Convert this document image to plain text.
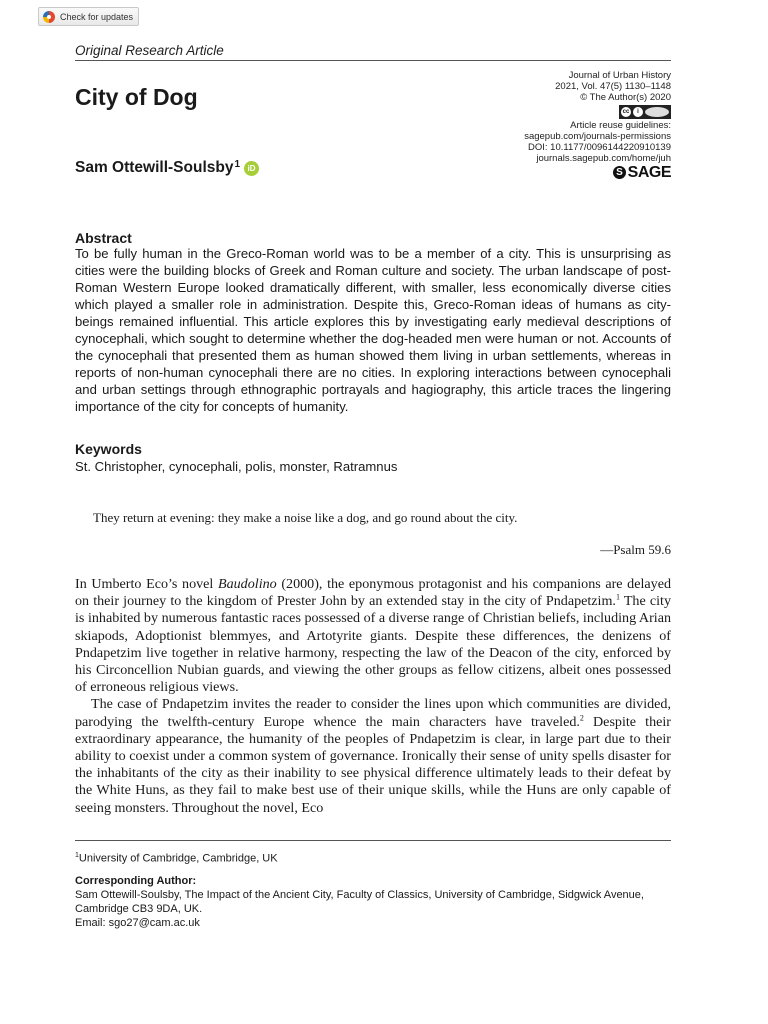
Check for updates
Original Research Article
City of Dog
Sam Ottewill-Soulsby$^1$ iD
Journal of Urban History
2021, Vol. 47(5) 1130–1148
© The Author(s) 2020
cc	i
Article reuse guidelines:
sagepub.com/journals-permissions
DOI: 10.1177/0096144220910139
journals.sagepub.com/home/juh
S SAGE
Abstract
To be fully human in the Greco-Roman world was to be a member of a city. This is unsurprising as cities were the building blocks of Greek and Roman culture and society. The urban landscape of post-Roman Western Europe looked dramatically different, with smaller, less economically diverse cities which played a smaller role in administration. Despite this, Greco-Roman ideas of humans as city-beings remained influential. This article explores this by investigating early medieval descriptions of cynocephali, which sought to determine whether the dog-headed men were human or not. Accounts of the cynocephali that presented them as human showed them living in urban settlements, whereas in reports of non-human cynocephali there are no cities. In exploring interactions between cynocephali and urban settings through ethnographic portrayals and hagiography, this article traces the lingering importance of the city for concepts of humanity.
Keywords
St. Christopher, cynocephali, polis, monster, Ratramnus
They return at evening: they make a noise like a dog, and go round about the city.
—Psalm 59.6

In Umberto Eco’s novel Baudolino (2000), the eponymous protagonist and his companions are delayed on their journey to the kingdom of Prester John by an extended stay in the city of Pndapetzim.$^1$ The city is inhabited by numerous fantastic races possessed of a diverse range of Christian beliefs, including Arian skiapods, Adoptionist blemmyes, and Artotyrite giants. Despite these differences, the denizens of Pndapetzim live together in relative harmony, respecting the law of the Deacon of the city, enforced by his Circoncellion Nubian guards, and viewing the other groups as fellow citizens, albeit ones possessed of erroneous religious views.

The case of Pndapetzim invites the reader to consider the lines upon which communities are divided, parodying the twelfth-century Europe whence the main characters have traveled.$^2$ Despite their extraordinary appearance, the humanity of the peoples of Pndapetzim is clear, in large part due to their ability to coexist under a common system of governance. Ironically their sense of unity spells disaster for the inhabitants of the city as their inability to see physical difference ultimately leads to their defeat by the White Huns, as they fail to make best use of their unique skills, while the Huns are only capable of seeing monsters. Throughout the novel, Eco

$^1$University of Cambridge, Cambridge, UK
Corresponding Author:
Sam Ottewill-Soulsby, The Impact of the Ancient City, Faculty of Classics, University of Cambridge, Sidgwick Avenue, Cambridge CB3 9DA, UK.
Email: sgo27@cam.ac.uk
